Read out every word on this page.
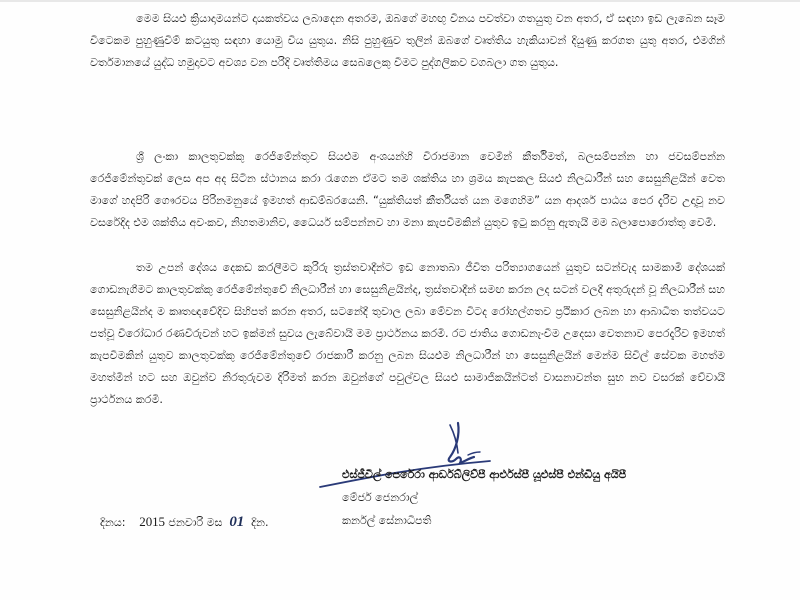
මෙම සියළු ක්‍රියාදාමයන්ට දායකත්වය ලබාදෙන අතරම, ඔබගේ මහඟු විනය පවත්වා ගතයුතු වන අතර, ඒ සඳහා ඉඩ ලැබෙන සෑම විටෙකම පුහුණුවීම් කටයුතු සඳහා යොමු විය යුතුය. නිසි පුහුණුව තුලින් ඔබගේ වෘත්තිය හැකියාවන් දියුණු කරගත යුතු අතර, එමගින් වර්තමානයේ යුද්ධ හමුදාවට අවශ්‍ය වන පරිදි වෘත්තිමය සෙබලෙකු වීමට පුද්ගලිකව වගබලා ගත යුතුය.

ශ්‍රී ලංකා කාලතුවක්කු රෙජිමේන්තුව සියළුම අංශයන්හි විරාජමාන වෙමින් කීර්තිමත්, බලසම්පන්න හා ජවසම්පන්න රෙජිමේන්තුවක් ලෙස අප අද සිටින ස්ථානය කරා රැගෙන ඒමට තම ශක්තිය හා ශ්‍රමය කැපකල සියළු නිලධාරීන් සහ සෙසුනිළයින් වෙත මාගේ හදපිරි ගෞරවය පිරිනමනුයේ ඉමහත් ආඩම්බරයෙනි. “යුක්තියත් කීර්තියත් යන මගෙහිම” යන ආදර්ශ පාඨය පෙර දැරිව උදාවූ නව වසරේදිද එම ශක්තිය අවංකව, නිහතමානිව, ධෛර්ය සම්පන්නව හා මනා කැපවීමකින් යුතුව ඉටු කරනු ඇතැයි මම බලාපොරොත්තු වෙමි.

තම උපන් දේශය දෙකඩ කරලීමට කුරිරු ත්‍රස්තවාදීන්ට ඉඩ නොතබා ජීවිත පරිත්‍යාගයෙන් යුතුව සටන්වැද සාමකාමී දේශයක් ගොඩනැගීමට කාලතුවක්කු රෙජිමේන්තුවේ නිලධාරීන් හා සෙසුනිළයින්ද, ත්‍රස්තවාදීන් සමඟ කරන ලද සටන් වලදී අතුරුදන් වූ නිලධාරීන් සහ සෙසුනිළයින්ද ම කෘතඥවේදිව සිහිපත් කරන අතර, සටනේදී තුවාල ලබා මේවන විටද රෝහල්ගතව ප්‍රථිකාර ලබන හා ආබාධිත තත්වයට පත්වූ විරෝධාර රණවිරුවන් හට ඉක්මන් සුවය ලැබේවායි මම ප්‍රාර්ථනය කරමි. රට ජාතිය ගොඩනැංවීම උදෙසා වෙතනාව පෙරදැරිව ඉමහත් කැපවීමකින් යුතුව කාලතුවක්කු රෙජිමේන්තුවේ රාජකාරී කරනු ලබන සියළුම නිලධාරීන් හා සෙසුනිළයින් මෙන්ම සිවිල් සේවක මහත්ම මහත්මීන් හට සහ ඔවුන්ව නිරතුරුවම දිරිමත් කරන ඔවුන්ගේ පවුල්වල සියළු සාමාජිකයින්ටත් වාසනාවන්ත සුභ නව වසරක් වේවායි ප්‍රාර්ථනය කරමි.

එස්ජීවීල් පෙරේරා ආර්ඩබ්ලිව්පී ආර්එස්පී යූඑස්පී එන්ඩියු අයිපී
මේජර් ජෙනරාල්
කර්නල් සේනාධිපති
දිනය: 2015 ජනවාරි මස 01 දින.
